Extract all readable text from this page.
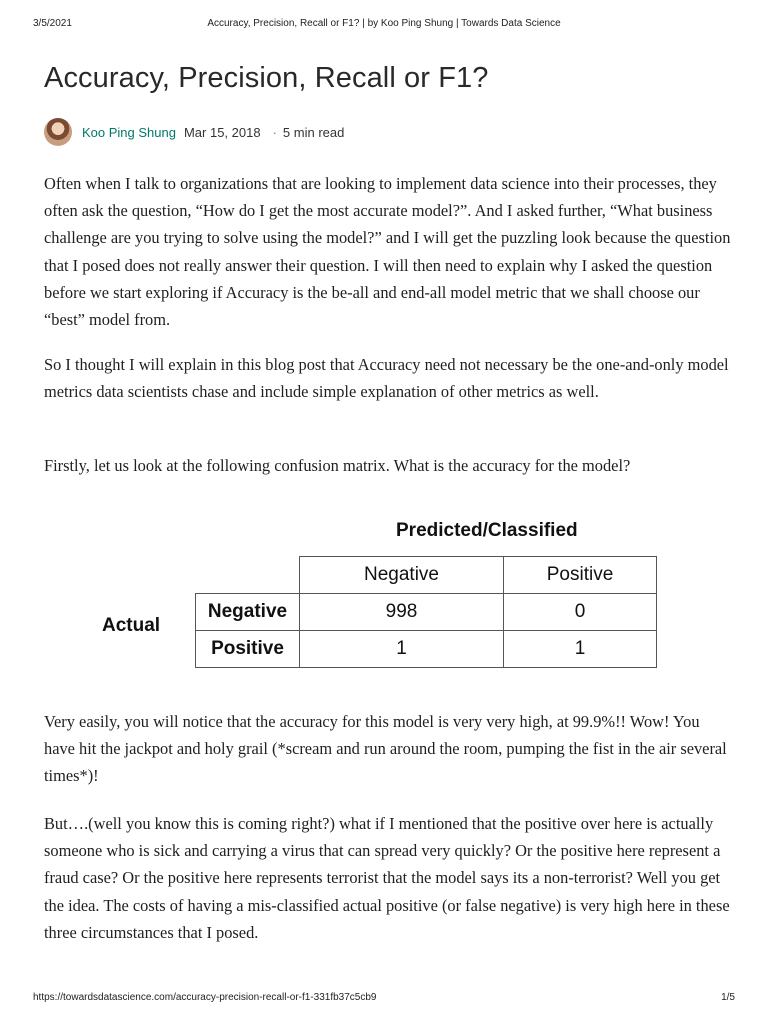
3/5/2021	Accuracy, Precision, Recall or F1? | by Koo Ping Shung | Towards Data Science
Accuracy, Precision, Recall or F1?
Koo Ping Shung Mar 15, 2018 · 5 min read

Often when I talk to organizations that are looking to implement data science into their processes, they often ask the question, “How do I get the most accurate model?”. And I asked further, “What business challenge are you trying to solve using the model?” and I will get the puzzling look because the question that I posed does not really answer their question. I will then need to explain why I asked the question before we start exploring if Accuracy is the be-all and end-all model metric that we shall choose our “best” model from.

So I thought I will explain in this blog post that Accuracy need not necessary be the one-and-only model metrics data scientists chase and include simple explanation of other metrics as well.

Firstly, let us look at the following confusion matrix. What is the accuracy for the model?

Predicted/Classified
Actual
	Negative	Positive
Negative	998	0
Positive	1	1

Very easily, you will notice that the accuracy for this model is very very high, at 99.9%!! Wow! You have hit the jackpot and holy grail (*scream and run around the room, pumping the fist in the air several times*)!

But….(well you know this is coming right?) what if I mentioned that the positive over here is actually someone who is sick and carrying a virus that can spread very quickly? Or the positive here represent a fraud case? Or the positive here represents terrorist that the model says its a non-terrorist? Well you get the idea. The costs of having a mis-classified actual positive (or false negative) is very high here in these three circumstances that I posed.

https://towardsdatascience.com/accuracy-precision-recall-or-f1-331fb37c5cb9	1/5
